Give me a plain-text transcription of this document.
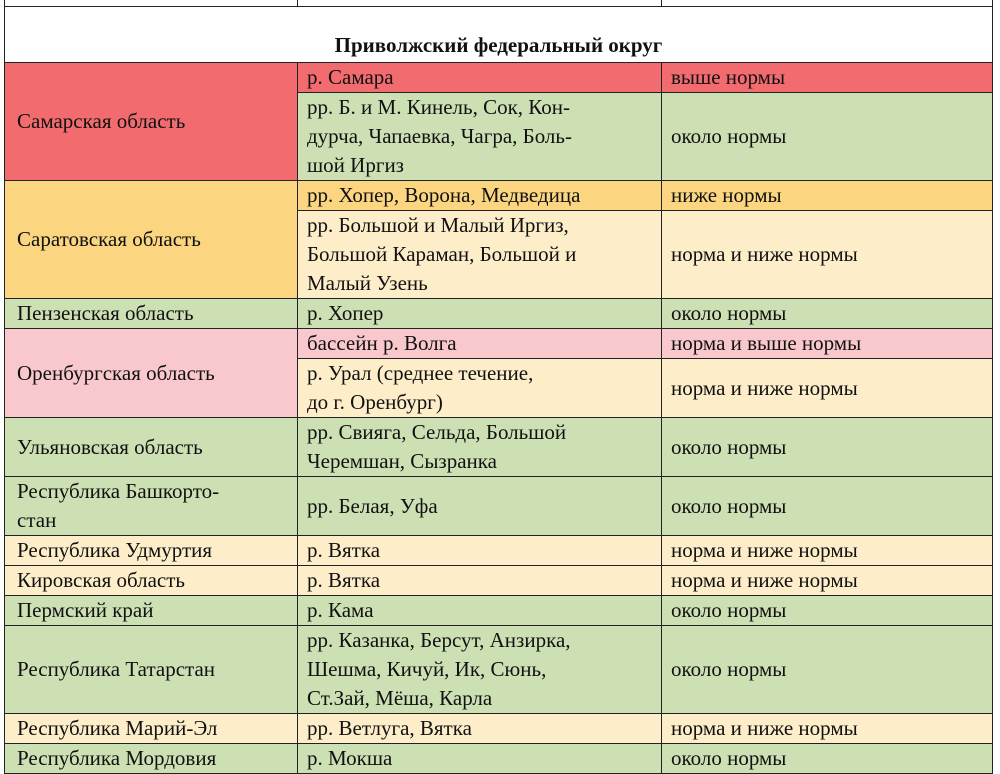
Приволжский федеральный округ		
Самарская область	р. Самара	выше нормы
	рр. Б. и М. Кинель, Сок, Кон-
дурча, Чапаевка, Чагра, Боль-
шой Иргиз	около нормы
Саратовская область	рр. Хопер, Ворона, Медведица	ниже нормы
	рр. Большой и Малый Иргиз,
Большой Караман, Большой и
Малый Узень	норма и ниже нормы
Пензенская область	р. Хопер	около нормы
Оренбургская область	бассейн р. Волга	норма и выше нормы
	р. Урал (среднее течение,
до г. Оренбург)	норма и ниже нормы
Ульяновская область	рр. Свияга, Сельда, Большой
Черемшан, Сызранка	около нормы
Республика Башкорто-
стан	рр. Белая, Уфа	около нормы
Республика Удмуртия	р. Вятка	норма и ниже нормы
Кировская область	р. Вятка	норма и ниже нормы
Пермский край	р. Кама	около нормы
Республика Татарстан	рр. Казанка, Берсут, Анзирка,
Шешма, Кичуй, Ик, Сюнь,
Ст.Зай, Мёша, Карла	около нормы
Республика Марий-Эл	рр. Ветлуга, Вятка	норма и ниже нормы
Республика Мордовия	р. Мокша	около нормы
